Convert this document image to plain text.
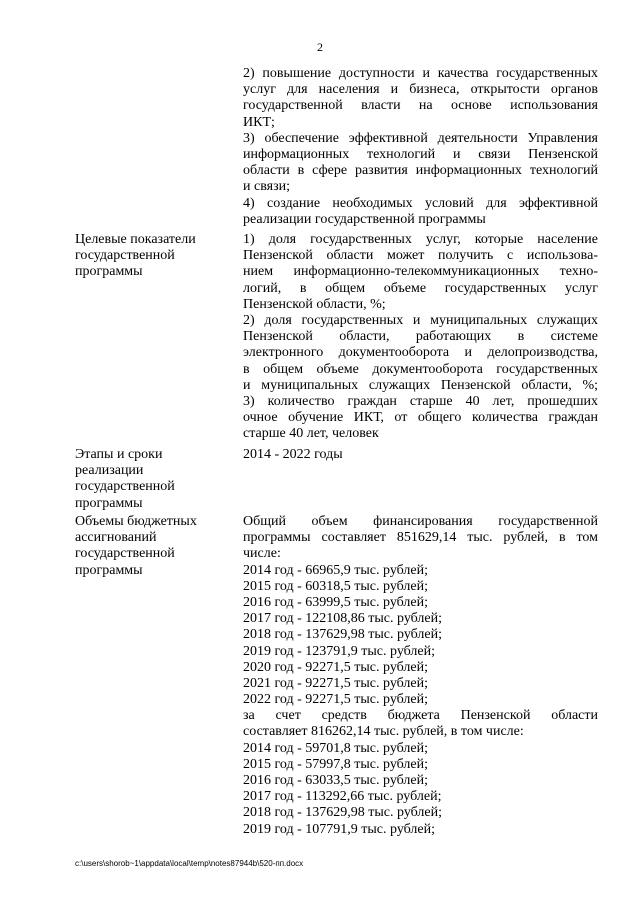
2
2) повышение доступности и качества государственных
услуг для населения и бизнеса, открытости органов
государственной власти на основе использования
ИКТ;
3) обеспечение эффективной деятельности Управления
информационных технологий и связи Пензенской
области в сфере развития информационных технологий
и связи;
4) создание необходимых условий для эффективной
реализации государственной программы
Целевые показатели
государственной
программы
1) доля государственных услуг, которые население
Пензенской области может получить с использова-
нием информационно-телекоммуникационных техно-
логий, в общем объеме государственных услуг
Пензенской области, %;
2) доля государственных и муниципальных служащих
Пензенской области, работающих в системе
электронного документооборота и делопроизводства,
в общем объеме документооборота государственных
и муниципальных служащих Пензенской области, %;
3) количество граждан старше 40 лет, прошедших
очное обучение ИКТ, от общего количества граждан
старше 40 лет, человек
Этапы и сроки
реализации
государственной
программы
2014 - 2022 годы
Объемы бюджетных
ассигнований
государственной
программы
Общий объем финансирования государственной
программы составляет 851629,14 тыс. рублей, в том
числе:
2014 год - 66965,9 тыс. рублей;
2015 год - 60318,5 тыс. рублей;
2016 год - 63999,5 тыс. рублей;
2017 год - 122108,86 тыс. рублей;
2018 год - 137629,98 тыс. рублей;
2019 год - 123791,9 тыс. рублей;
2020 год - 92271,5 тыс. рублей;
2021 год - 92271,5 тыс. рублей;
2022 год - 92271,5 тыс. рублей;
за счет средств бюджета Пензенской области
составляет 816262,14 тыс. рублей, в том числе:
2014 год - 59701,8 тыс. рублей;
2015 год - 57997,8 тыс. рублей;
2016 год - 63033,5 тыс. рублей;
2017 год - 113292,66 тыс. рублей;
2018 год - 137629,98 тыс. рублей;
2019 год - 107791,9 тыс. рублей;
c:\users\shorob~1\appdata\local\temp\notes87944b\520-пп.docx
